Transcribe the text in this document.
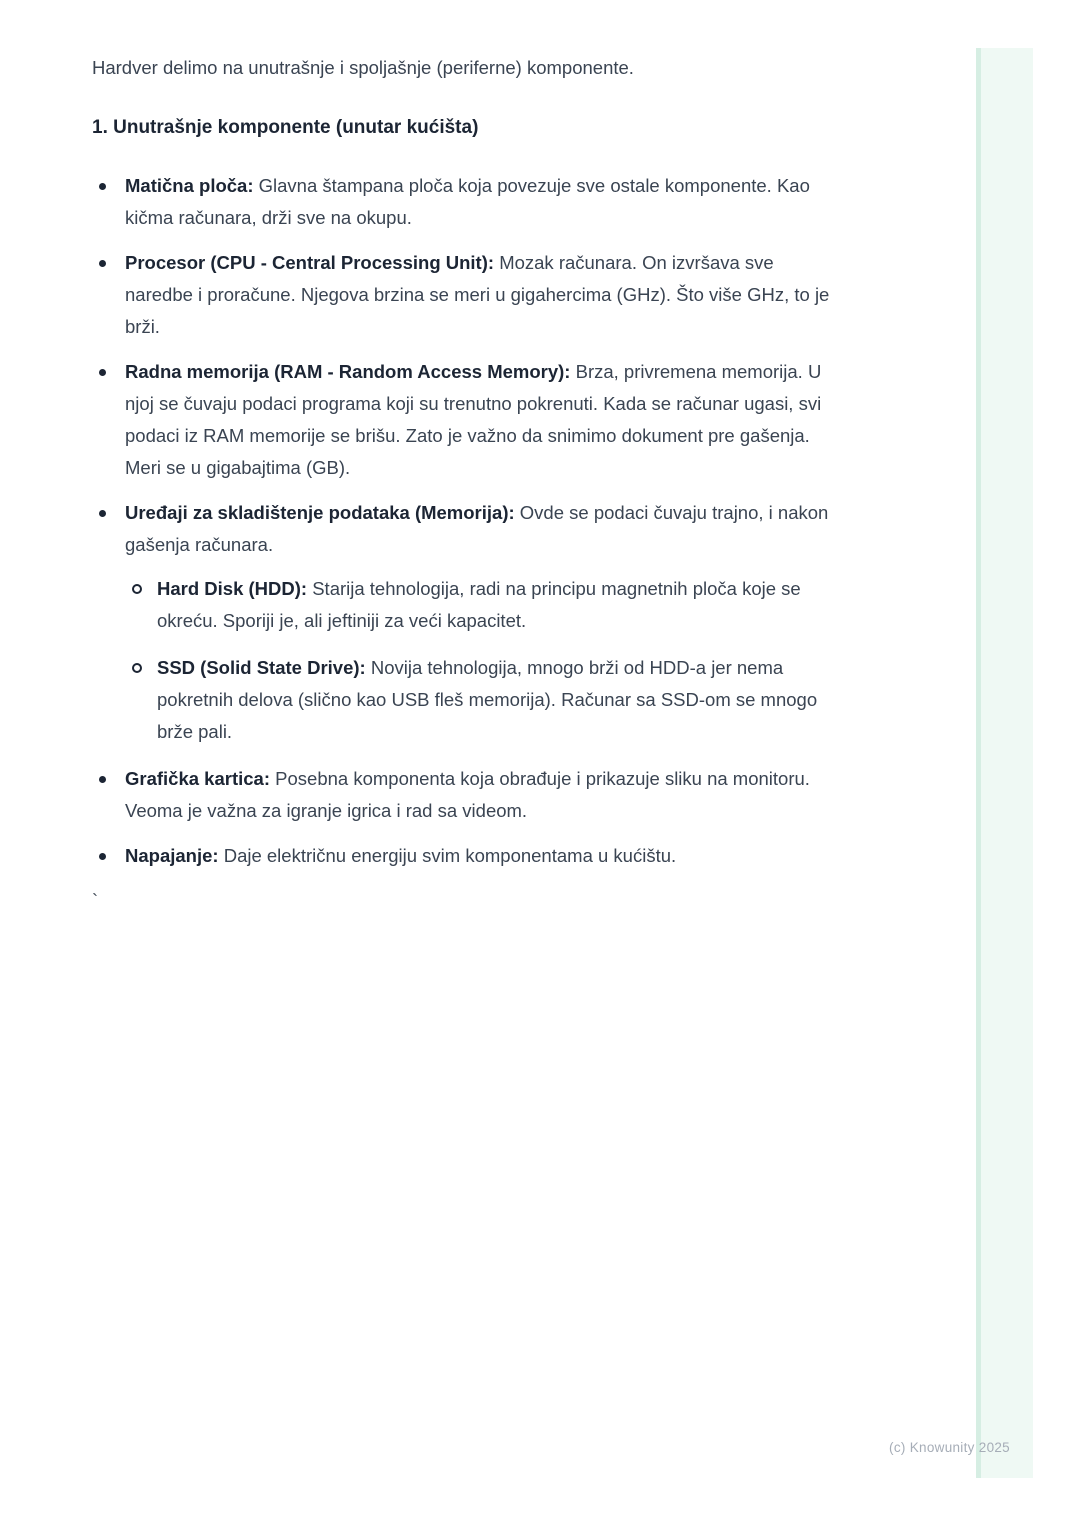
Hardver delimo na unutrašnje i spoljašnje (periferne) komponente.

1. Unutrašnje komponente (unutar kućišta)
Matična ploča: Glavna štampana ploča koja povezuje sve ostale komponente. Kao kičma računara, drži sve na okupu.
Procesor (CPU - Central Processing Unit): Mozak računara. On izvršava sve naredbe i proračune. Njegova brzina se meri u gigahercima (GHz). Što više GHz, to je brži.
Radna memorija (RAM - Random Access Memory): Brza, privremena memorija. U njoj se čuvaju podaci programa koji su trenutno pokrenuti. Kada se računar ugasi, svi podaci iz RAM memorije se brišu. Zato je važno da snimimo dokument pre gašenja. Meri se u gigabajtima (GB).
Uređaji za skladištenje podataka (Memorija): Ovde se podaci čuvaju trajno, i nakon gašenja računara.
Hard Disk (HDD): Starija tehnologija, radi na principu magnetnih ploča koje se okreću. Sporiji je, ali jeftiniji za veći kapacitet.
SSD (Solid State Drive): Novija tehnologija, mnogo brži od HDD-a jer nema pokretnih delova (slično kao USB fleš memorija). Računar sa SSD-om se mnogo brže pali.
Grafička kartica: Posebna komponenta koja obrađuje i prikazuje sliku na monitoru. Veoma je važna za igranje igrica i rad sa videom.
Napajanje: Daje električnu energiju svim komponentama u kućištu.

`

(c) Knowunity 2025
